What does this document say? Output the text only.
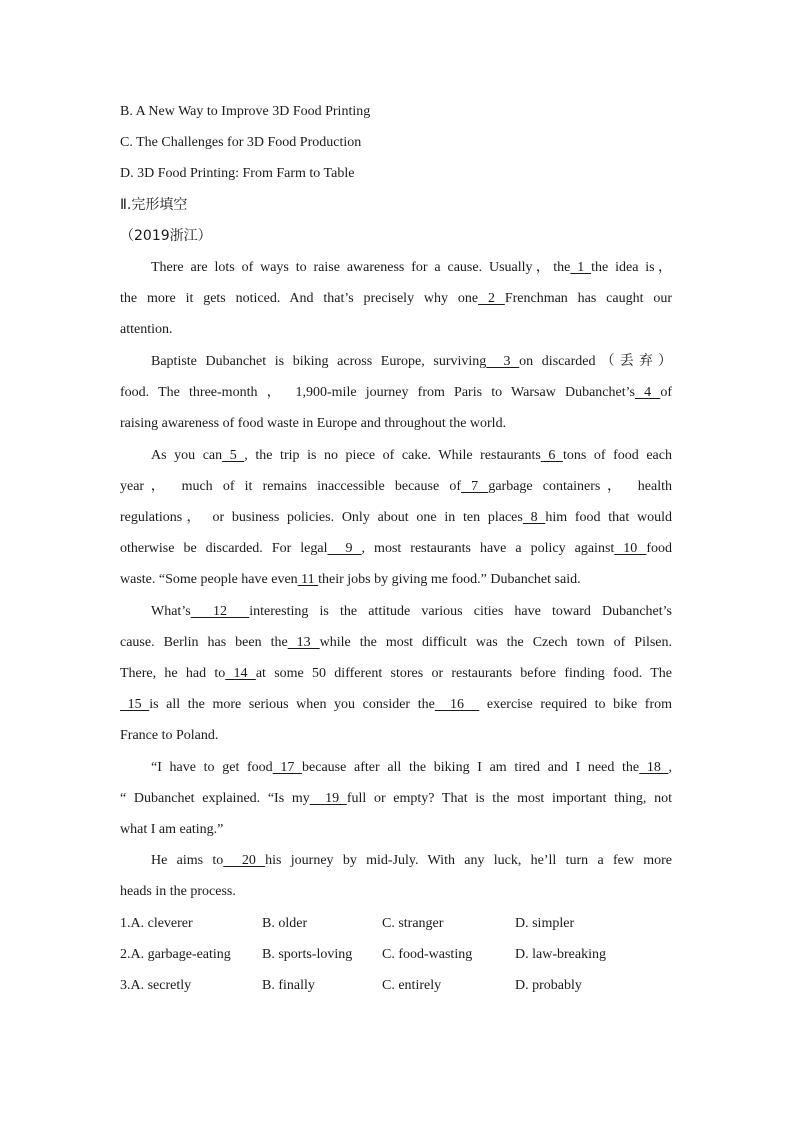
B. A New Way to Improve 3D Food Printing
C. The Challenges for 3D Food Production
D. 3D Food Printing: From Farm to Table
Ⅱ.完形填空
（2019浙江）
There are lots of ways to raise awareness for a cause. Usually，the 1 the idea is，
the more it gets noticed. And that’s precisely why one 2 Frenchman has caught our
attention.
Baptiste Dubanchet is biking across Europe, surviving  3 on discarded（丢弃）
food. The three-month ， 1,900-mile journey from Paris to Warsaw Dubanchet’s 4 of
raising awareness of food waste in Europe and throughout the world.
As you can 5 , the trip is no piece of cake. While restaurants 6 tons of food each
year， much of it remains inaccessible because of 7 garbage containers， health
regulations， or business policies. Only about one in ten places 8 him food that would
otherwise be discarded. For legal  9 , most restaurants have a policy against 10 food
waste. “Some people have even 11 their jobs by giving me food.” Dubanchet said.
What’s  12  interesting is the attitude various cities have toward Dubanchet’s
cause. Berlin has been the 13 while the most difficult was the Czech town of Pilsen.
There, he had to 14 at some 50 different stores or restaurants before finding food. The
15 is all the more serious when you consider the  16   exercise required to bike from
France to Poland.
“I have to get food 17 because after all the biking I am tired and I need the 18 ,
“ Dubanchet explained. “Is my  19 full or empty? That is the most important thing, not
what I am eating.”
He aims to  20 his journey by mid-July. With any luck, he’ll turn a few more
heads in the process.
1.A. cleverer	B. older	C. stranger	D. simpler
2.A. garbage-eating B. sports-loving C. food-wasting	D. law-breaking
3.A. secretly	B. finally	C. entirely	D. probably
